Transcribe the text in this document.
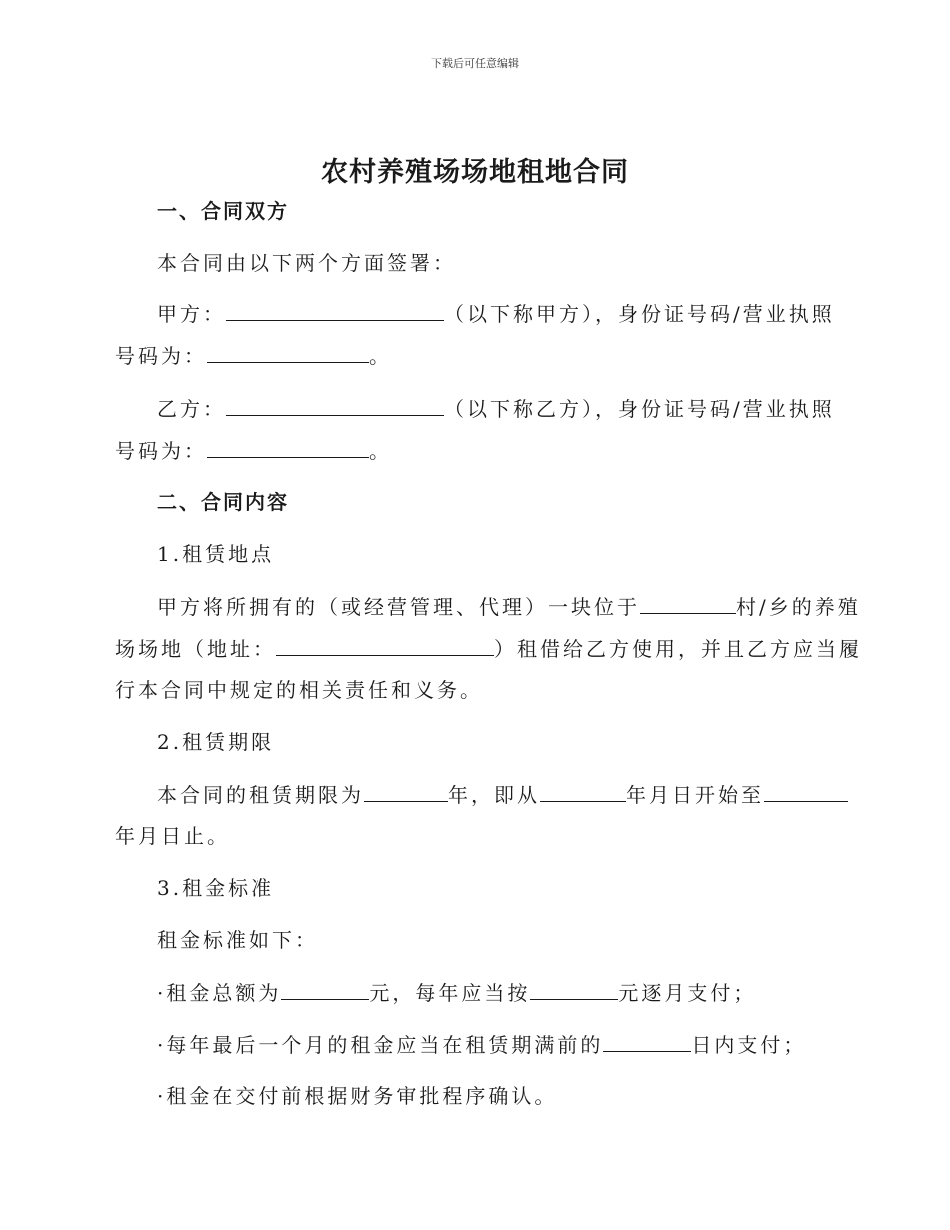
下载后可任意编辑
农村养殖场场地租地合同
一、合同双方
本合同由以下两个方面签署：
甲方：	（以下称甲方），身份证号码/营业执照
号码为：	。
乙方：	（以下称乙方），身份证号码/营业执照
号码为：	。
二、合同内容
1.租赁地点
甲方将所拥有的（或经营管理、代理）一块位于	村/乡的养殖
场场地（地址：	）租借给乙方使用，并且乙方应当履
行本合同中规定的相关责任和义务。
2.租赁期限
本合同的租赁期限为	年，即从	年月日开始至
年月日止。
3.租金标准
租金标准如下：
·租金总额为	元，每年应当按	元逐月支付；
·每年最后一个月的租金应当在租赁期满前的	日内支付；
·租金在交付前根据财务审批程序确认。
